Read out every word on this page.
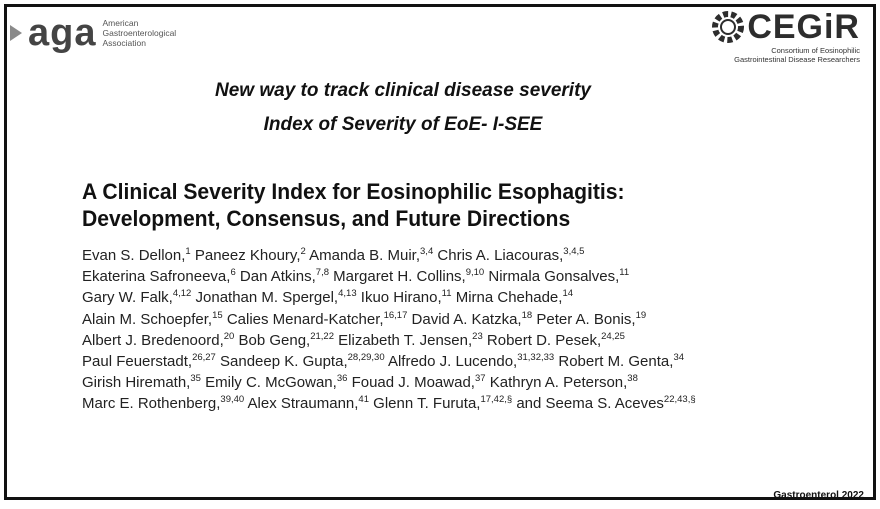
aga American
Gastroenterological
Association	CEGiR
Consortium of Eosinophilic
Gastrointestinal Disease Researchers
New way to track clinical disease severity
Index of Severity of EoE- I-SEE
A Clinical Severity Index for Eosinophilic Esophagitis:
Development, Consensus, and Future Directions
Evan S. Dellon,$^1$ Paneez Khoury,$^2$ Amanda B. Muir,$^{3,4}$ Chris A. Liacouras,$^{3,4,5}$
Ekaterina Safroneeva,$^6$ Dan Atkins,$^{7,8}$ Margaret H. Collins,$^{9,10}$ Nirmala Gonsalves,$^{11}$
Gary W. Falk,$^{4,12}$ Jonathan M. Spergel,$^{4,13}$ Ikuo Hirano,$^{11}$ Mirna Chehade,$^{14}$
Alain M. Schoepfer,$^{15}$ Calies Menard-Katcher,$^{16,17}$ David A. Katzka,$^{18}$ Peter A. Bonis,$^{19}$
Albert J. Bredenoord,$^{20}$ Bob Geng,$^{21,22}$ Elizabeth T. Jensen,$^{23}$ Robert D. Pesek,$^{24,25}$
Paul Feuerstadt,$^{26,27}$ Sandeep K. Gupta,$^{28,29,30}$ Alfredo J. Lucendo,$^{31,32,33}$ Robert M. Genta,$^{34}$
Girish Hiremath,$^{35}$ Emily C. McGowan,$^{36}$ Fouad J. Moawad,$^{37}$ Kathryn A. Peterson,$^{38}$
Marc E. Rothenberg,$^{39,40}$ Alex Straumann,$^{41}$ Glenn T. Furuta,$^{17,42,\S}$ and Seema S. Aceves$^{22,43,\S}$
Gastroenterol 2022
